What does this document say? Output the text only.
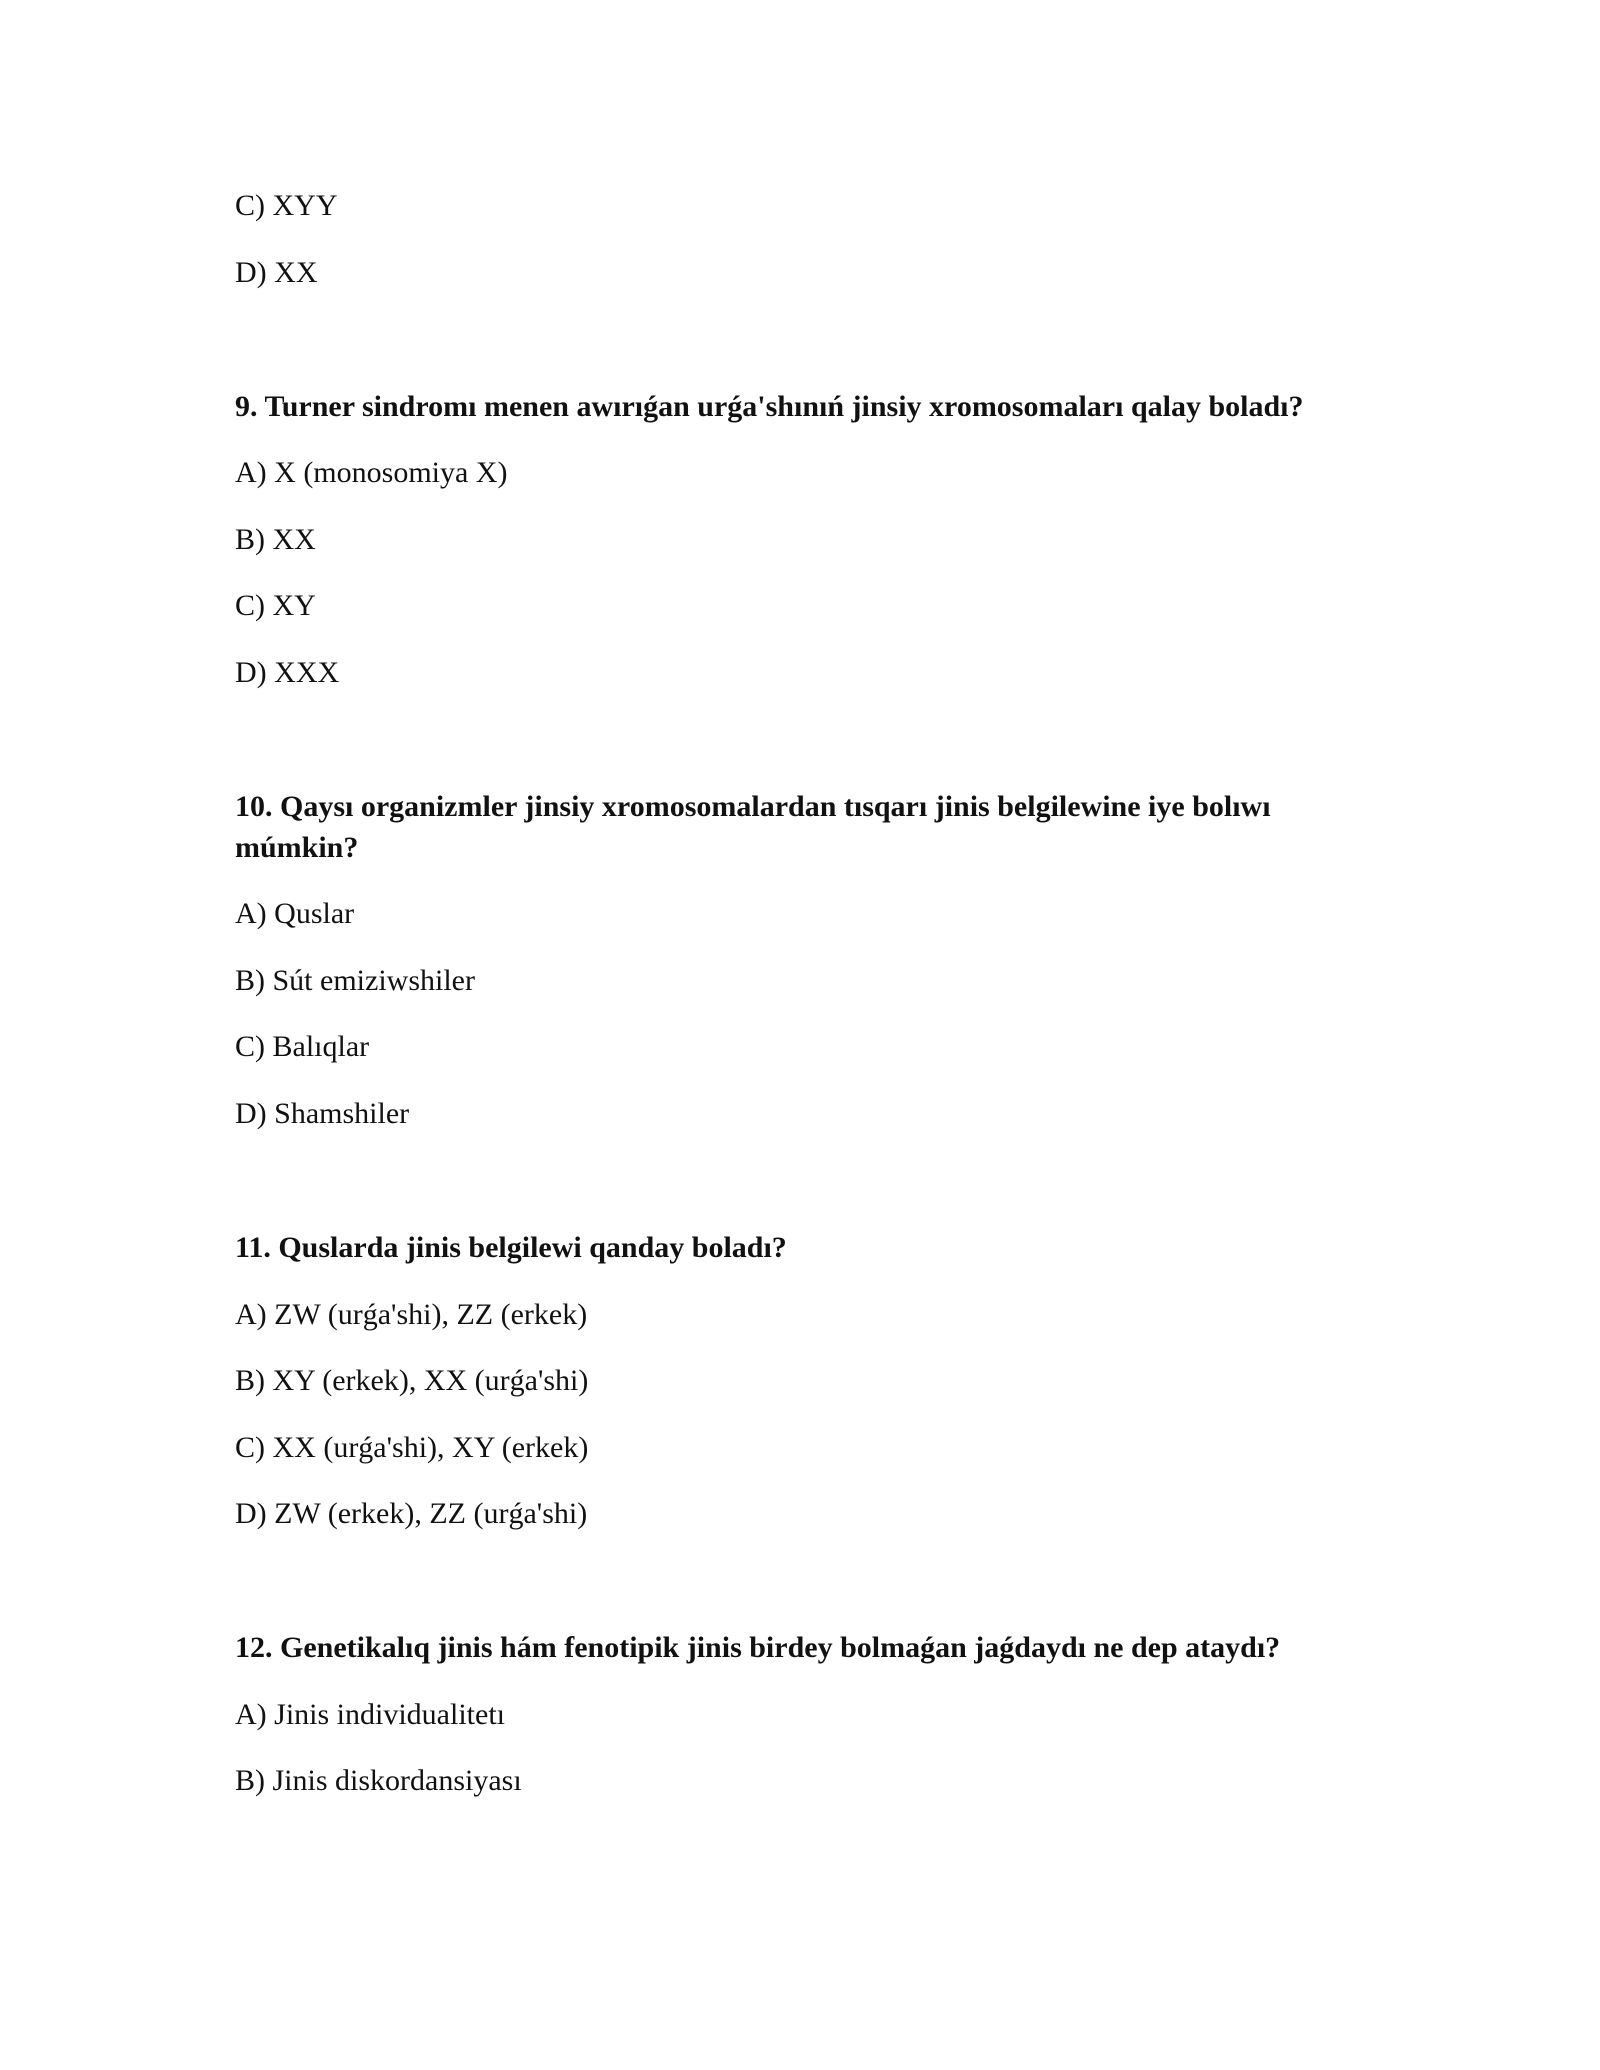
C) XYY
D) XX
9. Turner sindromı menen awırıǵan urǵa'shınıń jinsiy xromosomaları qalay boladı?
A) X (monosomiya X)
B) XX
C) XY
D) XXX
10. Qaysı organizmler jinsiy xromosomalardan tısqarı jinis belgilewine iye bolıwı
múmkin?
A) Quslar
B) Sút emiziwshiler
C) Balıqlar
D) Shamshiler
11. Quslarda jinis belgilewi qanday boladı?
A) ZW (urǵa'shi), ZZ (erkek)
B) XY (erkek), XX (urǵa'shi)
C) XX (urǵa'shi), XY (erkek)
D) ZW (erkek), ZZ (urǵa'shi)
12. Genetikalıq jinis hám fenotipik jinis birdey bolmaǵan jaǵdaydı ne dep ataydı?
A) Jinis individualitetı
B) Jinis diskordansiyası
